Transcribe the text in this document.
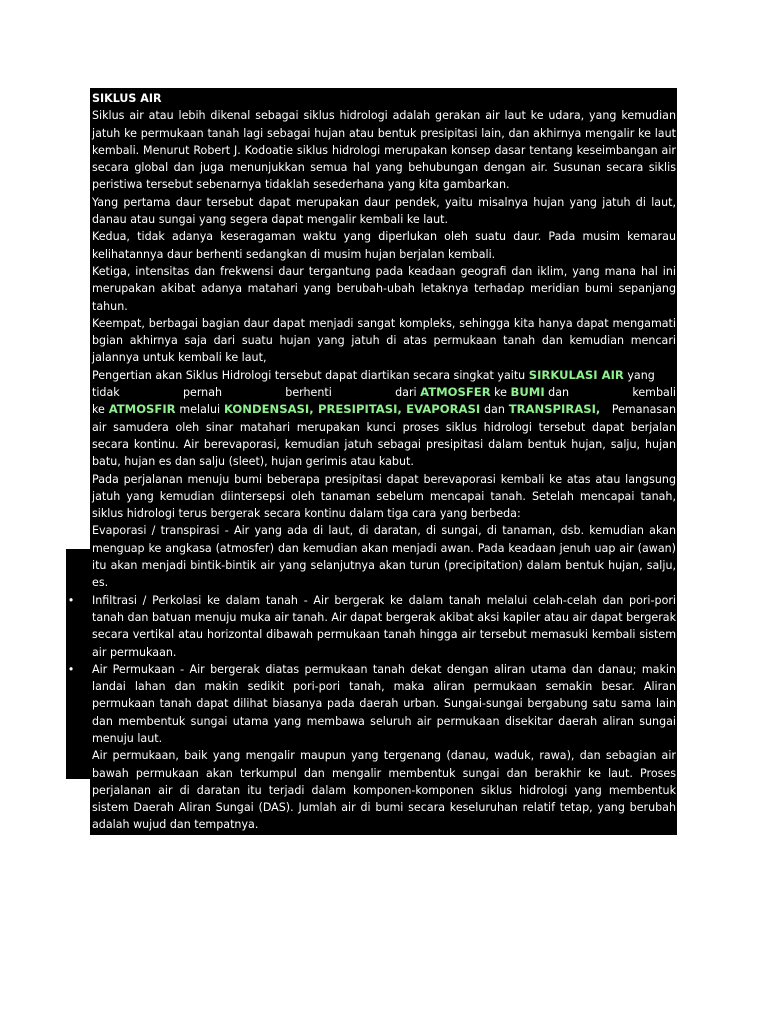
SIKLUS AIR

Siklus air atau lebih dikenal sebagai siklus hidrologi adalah gerakan air laut ke udara, yang kemudian jatuh ke permukaan tanah lagi sebagai hujan atau bentuk presipitasi lain, dan akhirnya mengalir ke laut kembali. Menurut Robert J. Kodoatie siklus hidrologi merupakan konsep dasar tentang keseimbangan air secara global dan juga menunjukkan semua hal yang behubungan dengan air. Susunan secara siklis peristiwa tersebut sebenarnya tidaklah sesederhana yang kita gambarkan.

Yang pertama daur tersebut dapat merupakan daur pendek, yaitu misalnya hujan yang jatuh di laut, danau atau sungai yang segera dapat mengalir kembali ke laut.

Kedua, tidak adanya keseragaman waktu yang diperlukan oleh suatu daur. Pada musim kemarau kelihatannya daur berhenti sedangkan di musim hujan berjalan kembali.

Ketiga, intensitas dan frekwensi daur tergantung pada keadaan geografi dan iklim, yang mana hal ini merupakan akibat adanya matahari yang berubah-ubah letaknya terhadap meridian bumi sepanjang tahun.

Keempat, berbagai bagian daur dapat menjadi sangat kompleks, sehingga kita hanya dapat mengamati bgian akhirnya saja dari suatu hujan yang jatuh di atas permukaan tanah dan kemudian mencari jalannya untuk kembali ke laut,

Pengertian akan Siklus Hidrologi tersebut dapat diartikan secara singkat yaitu SIRKULASI AIR yang
tidak	pernah	berhenti	dari ATMOSFER ke BUMI dan	kembali

ke ATMOSFIR melalui KONDENSASI, PRESIPITASI, EVAPORASI dan TRANSPIRASI,   Pemanasan air samudera oleh sinar matahari merupakan kunci proses siklus hidrologi tersebut dapat berjalan secara kontinu. Air berevaporasi, kemudian jatuh sebagai presipitasi dalam bentuk hujan, salju, hujan batu, hujan es dan salju (sleet), hujan gerimis atau kabut.

Pada perjalanan menuju bumi beberapa presipitasi dapat berevaporasi kembali ke atas atau langsung jatuh yang kemudian diintersepsi oleh tanaman sebelum mencapai tanah. Setelah mencapai tanah, siklus hidrologi terus bergerak secara kontinu dalam tiga cara yang berbeda:

•	Evaporasi / transpirasi - Air yang ada di laut, di daratan, di sungai, di tanaman, dsb. kemudian akan menguap ke angkasa (atmosfer) dan kemudian akan menjadi awan. Pada keadaan jenuh uap air (awan) itu akan menjadi bintik-bintik air yang selanjutnya akan turun (precipitation) dalam bentuk hujan, salju, es.

•	Infiltrasi / Perkolasi ke dalam tanah - Air bergerak ke dalam tanah melalui celah-celah dan pori-pori tanah dan batuan menuju muka air tanah. Air dapat bergerak akibat aksi kapiler atau air dapat bergerak secara vertikal atau horizontal dibawah permukaan tanah hingga air tersebut memasuki kembali sistem air permukaan.

•	Air Permukaan - Air bergerak diatas permukaan tanah dekat dengan aliran utama dan danau; makin landai lahan dan makin sedikit pori-pori tanah, maka aliran permukaan semakin besar. Aliran permukaan tanah dapat dilihat biasanya pada daerah urban. Sungai-sungai bergabung satu sama lain dan membentuk sungai utama yang membawa seluruh air permukaan disekitar daerah aliran sungai menuju laut.

Air permukaan, baik yang mengalir maupun yang tergenang (danau, waduk, rawa), dan sebagian air bawah permukaan akan terkumpul dan mengalir membentuk sungai dan berakhir ke laut. Proses perjalanan air di daratan itu terjadi dalam komponen-komponen siklus hidrologi yang membentuk sistem Daerah Aliran Sungai (DAS). Jumlah air di bumi secara keseluruhan relatif tetap, yang berubah adalah wujud dan tempatnya.
